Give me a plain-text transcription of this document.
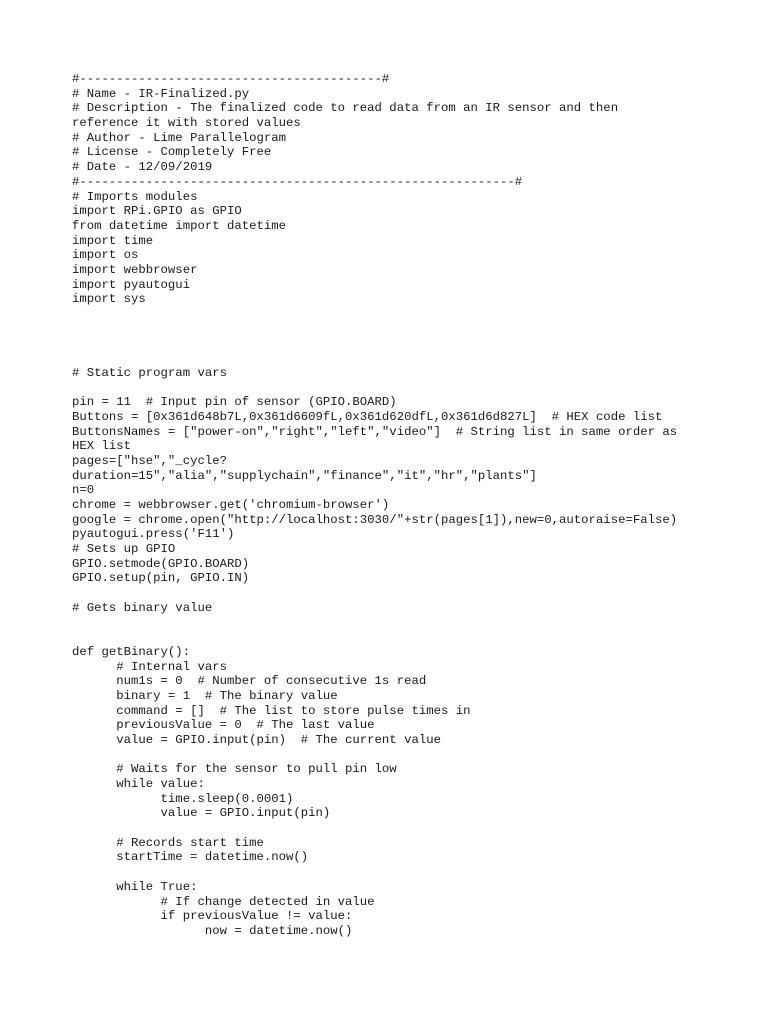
#-----------------------------------------#
# Name - IR-Finalized.py
# Description - The finalized code to read data from an IR sensor and then
reference it with stored values
# Author - Lime Parallelogram
# License - Completely Free
# Date - 12/09/2019
#-----------------------------------------------------------#
# Imports modules
import RPi.GPIO as GPIO
from datetime import datetime
import time
import os
import webbrowser
import pyautogui
import sys
# Static program vars
pin = 11  # Input pin of sensor (GPIO.BOARD)
Buttons = [0x361d648b7L,0x361d6609fL,0x361d620dfL,0x361d6d827L]  # HEX code list
ButtonsNames = ["power-on","right","left","video"]  # String list in same order as
HEX list
pages=["hse","_cycle?
duration=15","alia","supplychain","finance","it","hr","plants"]
n=0
chrome = webbrowser.get('chromium-browser')
google = chrome.open("http://localhost:3030/"+str(pages[1]),new=0,autoraise=False)
pyautogui.press('F11')
# Sets up GPIO
GPIO.setmode(GPIO.BOARD)
GPIO.setup(pin, GPIO.IN)
# Gets binary value
def getBinary():
# Internal vars
num1s = 0  # Number of consecutive 1s read
binary = 1  # The binary value
command = []  # The list to store pulse times in
previousValue = 0  # The last value
value = GPIO.input(pin)  # The current value
# Waits for the sensor to pull pin low
while value:
time.sleep(0.0001)
value = GPIO.input(pin)
# Records start time
startTime = datetime.now()
while True:
# If change detected in value
if previousValue != value:
now = datetime.now()
